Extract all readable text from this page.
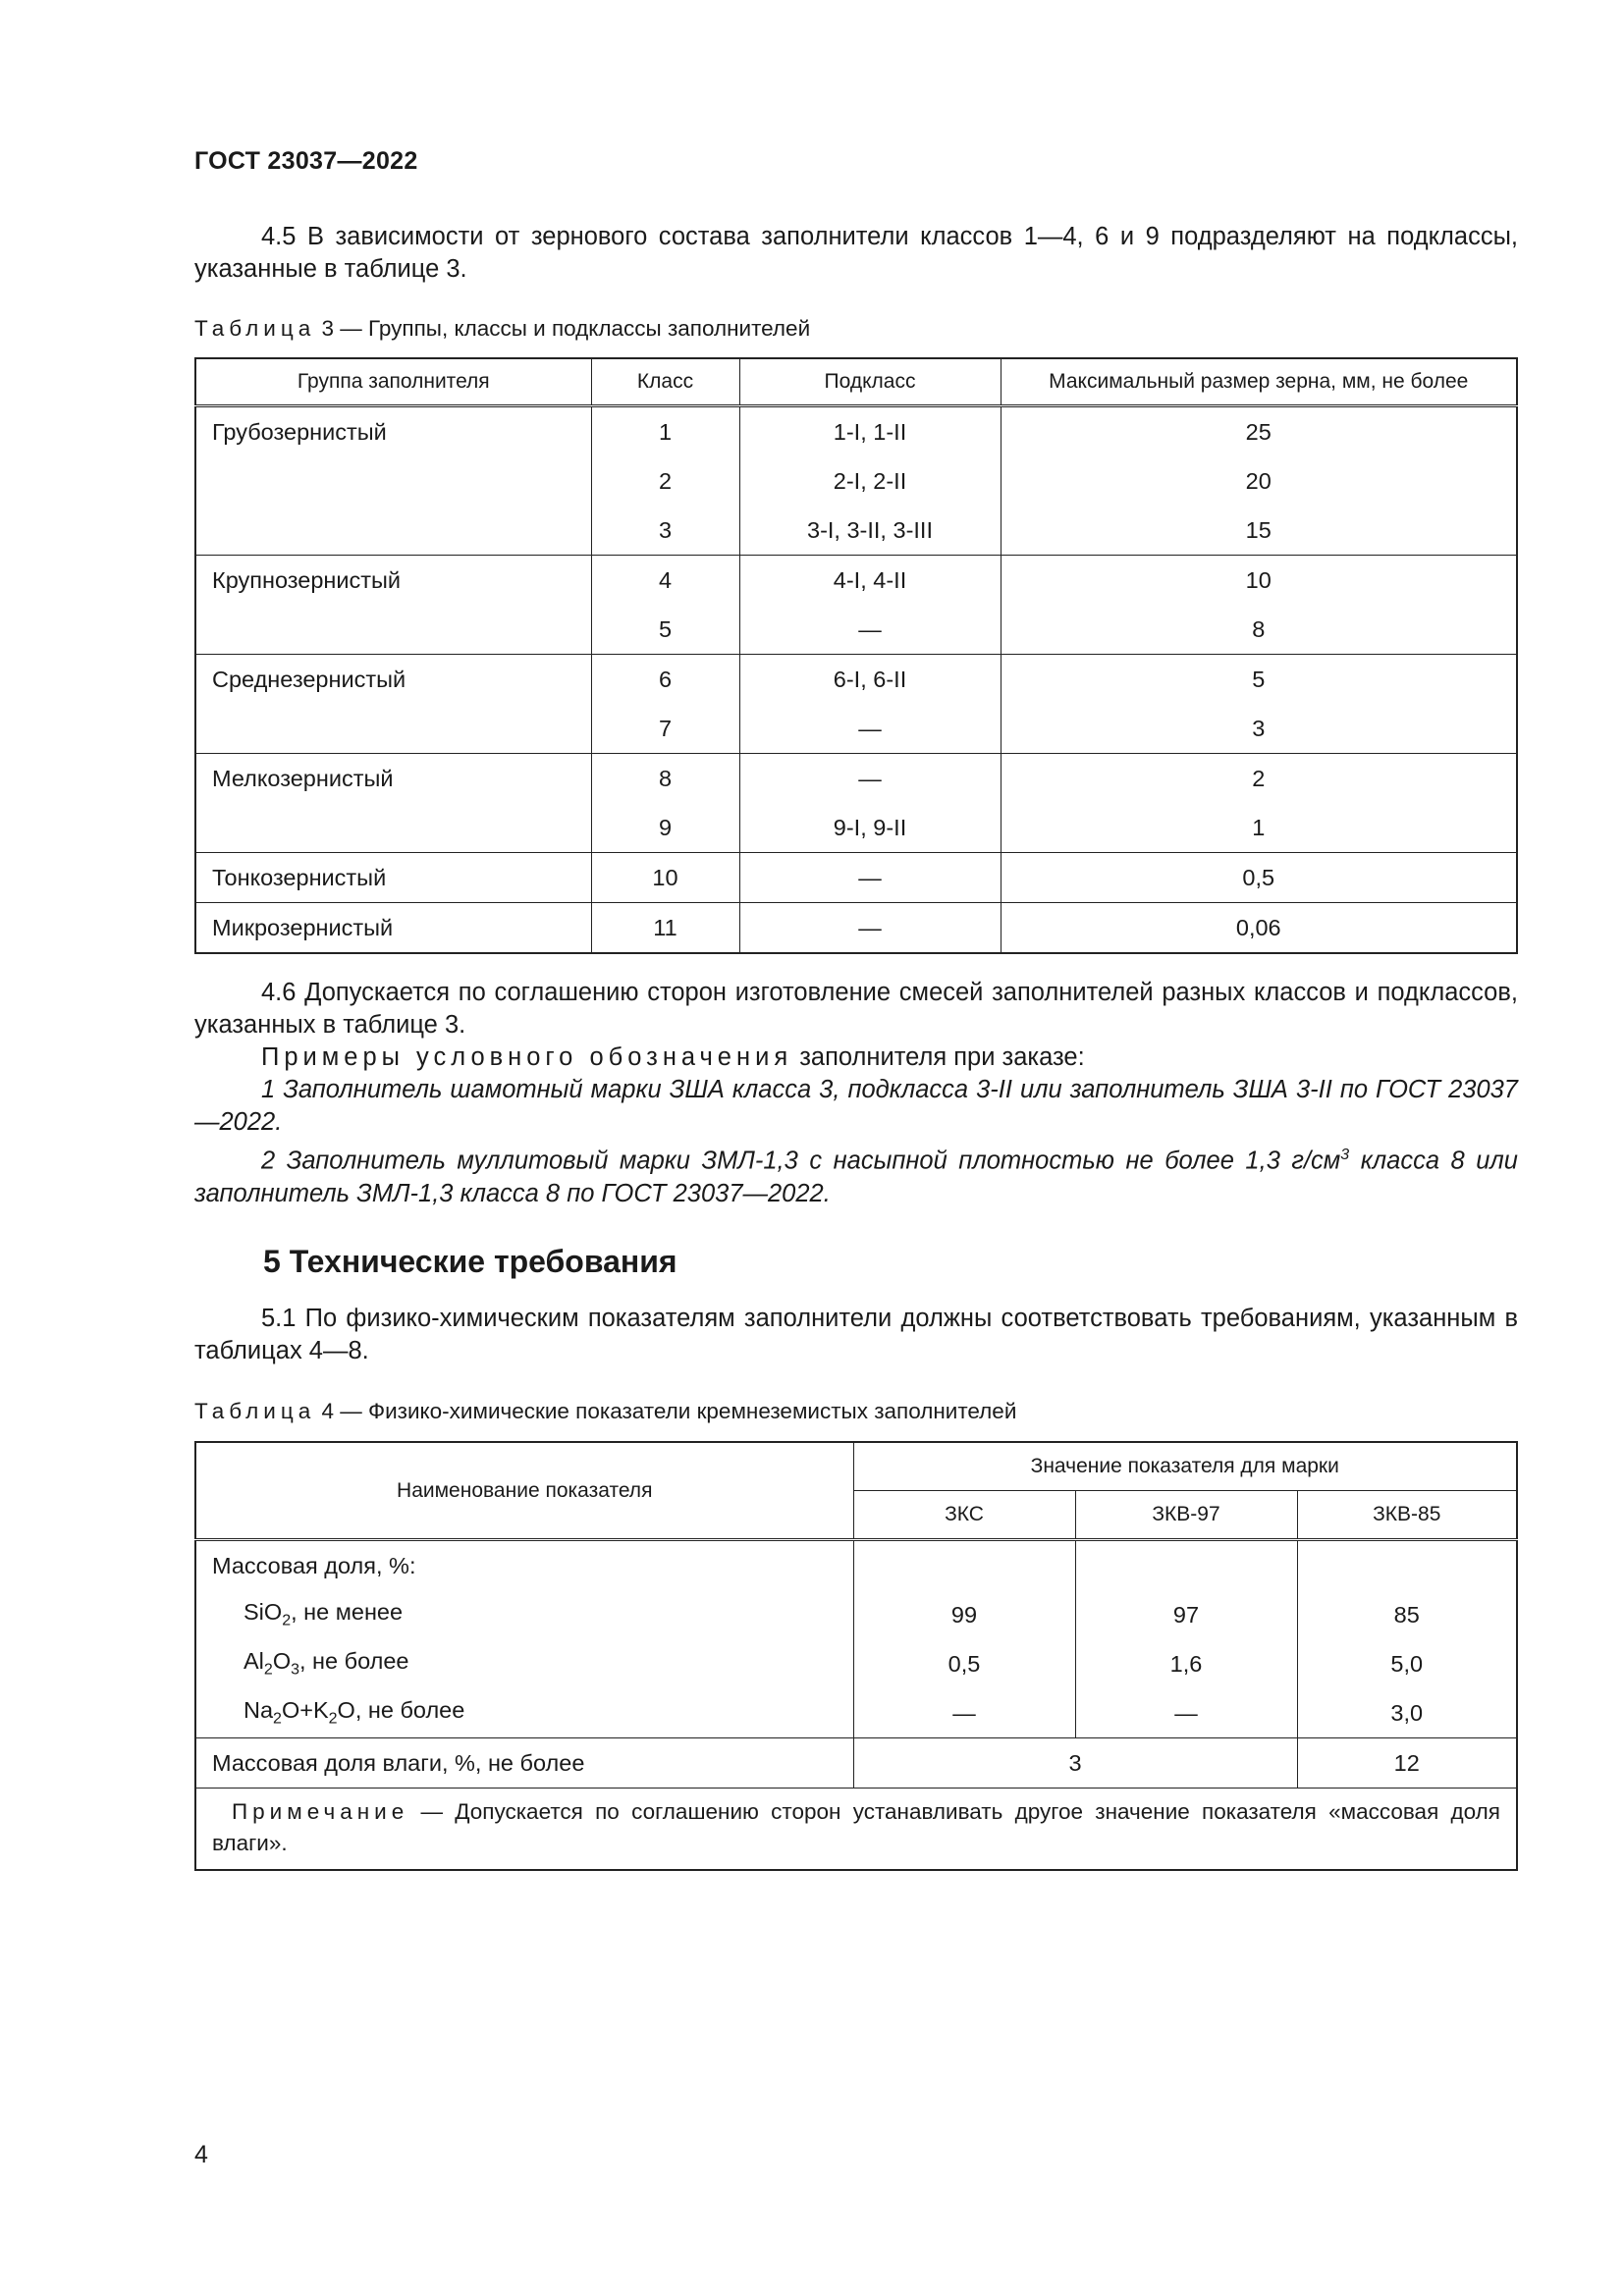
ГОСТ 23037—2022
4.5 В зависимости от зернового состава заполнители классов 1—4, 6 и 9 подразделяют на подклассы, указанные в таблице 3.
Таблица 3 — Группы, классы и подклассы заполнителей
Группа заполнителя	Класс	Подкласс	Максимальный размер зерна, мм, не более
Грубозернистый	1	1-I, 1-II	25
	2	2-I, 2-II	20
	3	3-I, 3-II, 3-III	15
Крупнозернистый	4	4-I, 4-II	10
	5	—	8
Среднезернистый	6	6-I, 6-II	5
	7	—	3
Мелкозернистый	8	—	2
	9	9-I, 9-II	1
Тонкозернистый	10	—	0,5
Микрозернистый	11	—	0,06
4.6 Допускается по соглашению сторон изготовление смесей заполнителей разных классов и подклассов, указанных в таблице 3.
Примеры условного обозначения заполнителя при заказе:
1 Заполнитель шамотный марки ЗША класса 3, подкласса 3-II или заполнитель ЗША 3-II по ГОСТ 23037—2022.
2 Заполнитель муллитовый марки ЗМЛ-1,3 с насыпной плотностью не более 1,3 $г/см^3$ класса 8 или заполнитель ЗМЛ-1,3 класса 8 по ГОСТ 23037—2022.
5 Технические требования
5.1 По физико-химическим показателям заполнители должны соответствовать требованиям, указанным в таблицах 4—8.
Таблица 4 — Физико-химические показатели кремнеземистых заполнителей
Наименование показателя	Значение показателя для марки		
	ЗКС	ЗКВ-97	ЗКВ-85
Массовая доля, %:			
SiO$_2$, не менее	99	97	85
$Al_2O_3$, не более	0,5	1,6	5,0
$Na_2O+K_2O$, не более	—	—	3,0
Массовая доля влаги, %, не более	3		12
Примечание — Допускается по соглашению сторон устанавливать другое значение показателя «массовая доля влаги».			
4
